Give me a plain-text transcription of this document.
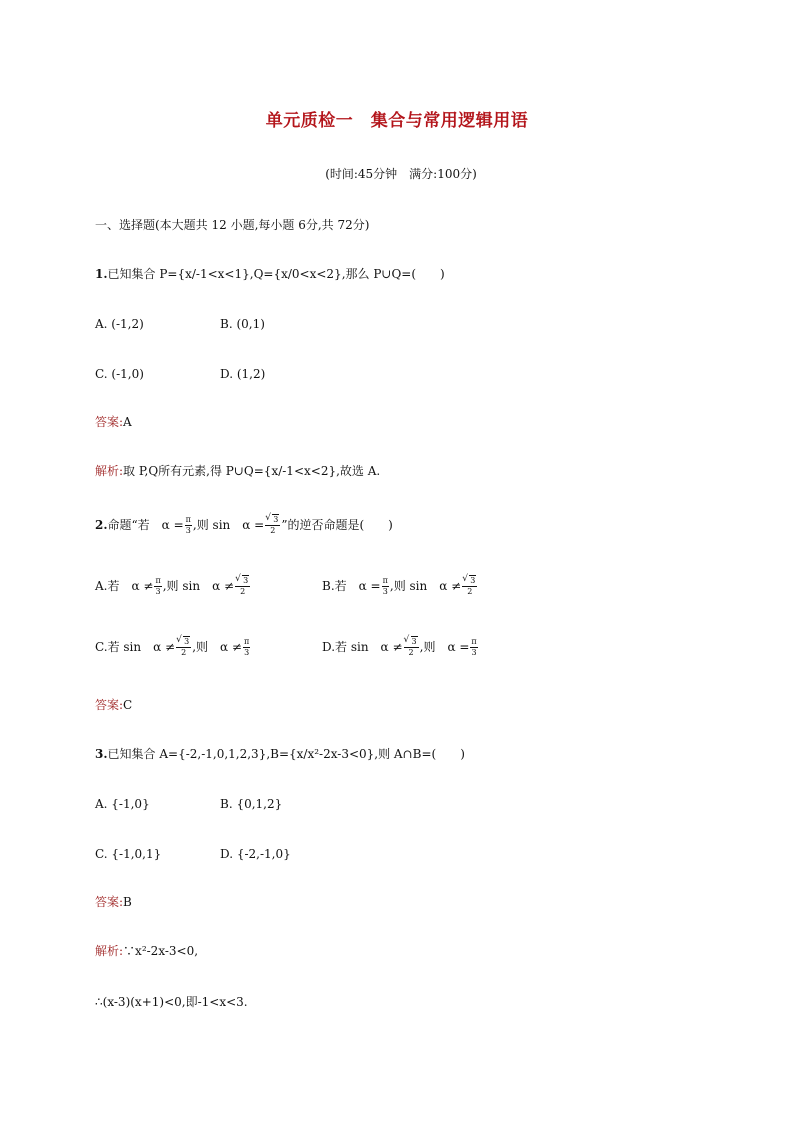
单元质检一　集合与常用逻辑用语
(时间:45分钟　满分:100分)
一、选择题(本大题共 12 小题,每小题 6分,共 72分)
1.已知集合 P={x/-1<x<1},Q={x/0<x<2},那么 P∪Q=(　　)
A. (-1,2)	B. (0,1)
C. (-1,0)	D. (1,2)
答案:A
解析:取 P,Q所有元素,得 P∪Q={x/-1<x<2},故选 A.
2.命题“若　$\alpha = \frac{\pi}{3}$ ,则 sin　α = √ $\frac{3}{2}$ ”的逆否命题是(　　)
A.若　$\alpha \ne \frac{\pi}{3}$ ,则 sin　α ≠ √ $\frac{3}{2}$	B.若　$\alpha = \frac{\pi}{3}$ ,则 sin　α ≠ √ $\frac{3}{2}$
C.若 sin　α ≠ √ $\frac{3}{2}$ ,则　$\alpha \ne \frac{\pi}{3}$	D.若 sin　α ≠ √ $\frac{3}{2}$ ,则　$\alpha = \frac{\pi}{3}$
答案:C
3.已知集合 A={-2,-1,0,1,2,3},B={x/x²-2x-3<0},则 A∩B=(　　)
A. {-1,0}	B. {0,1,2}
C. {-1,0,1}	D. {-2,-1,0}
答案:B
解析:∵x²-2x-3<0,
∴(x-3)(x+1)<0,即-1<x<3.
